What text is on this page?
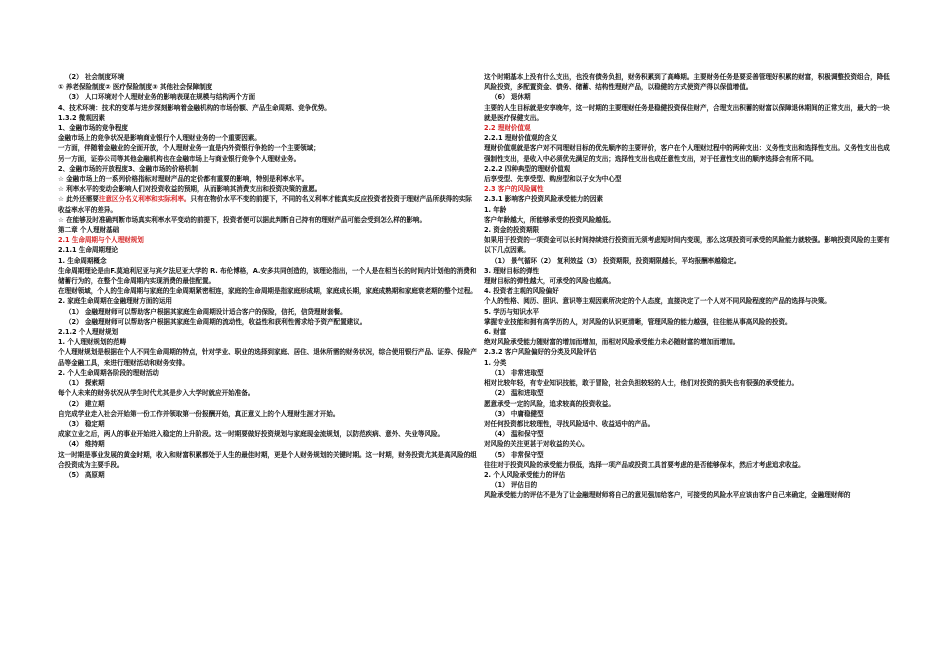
（2） 社会制度环境
① 养老保险制度② 医疗保险制度③ 其他社会保障制度
（3） 人口环境对个人理财业务的影响表现在规模与结构两个方面
4、技术环境：技术的变革与进步深刻影响着金融机构的市场份额、产品生命周期、竞争优势。
1.3.2 微观因素
1、金融市场的竞争程度
金融市场上的竞争状况是影响商业银行个人理财业务的一个重要因素。
一方面，伴随着金融业的全面开放，个人理财业务一直是内外资银行争抢的一个主要领域；
另一方面，证券公司等其他金融机构也在金融市场上与商业银行竞争个人理财业务。
2、金融市场的开放程度3、金融市场的价格机制
☆ 金融市场上的一系列价格指标对理财产品的定价都有重要的影响，特别是利率水平。
☆ 利率水平的变动会影响人们对投资收益的预期，从而影响其消费支出和投资决策的意愿。
☆ 此外还需要注意区分名义利率和实际利率。只有在物价水平不变的前提下，不同的名义利率才能真实反应投资者投资于理财产品所获得的实际收益率水平的差异。
☆ 在能够及时准确判断市场真实利率水平变动的前提下，投资者便可以据此判断自己持有的理财产品可能会受到怎么样的影响。
第二章 个人理财基础
2.1 生命周期与个人理财规划
2.1.1 生命周期理论
1. 生命周期概念
生命周期理论是由F.莫迪利尼亚与宾夕法尼亚大学的 R. 布伦博格，A.安多共同创造的，该理论指出，一个人是在相当长的时间内计划他的消费和储蓄行为的，在整个生命周期内实现消费的最佳配置。
在理财领域，个人的生命周期与家庭的生命周期紧密相连，家庭的生命周期是指家庭形成期，家庭成长期，家庭成熟期和家庭衰老期的整个过程。
2. 家庭生命周期在金融理财方面的运用
（1） 金融理财师可以帮助客户根据其家庭生命周期设计适合客户的保险，信托，信贷理财套餐。
（2） 金融理财师可以帮助客户根据其家庭生命周期的流动性，收益性和获利性需求给予资产配置建议。
2.1.2 个人理财规划
1. 个人理财规划的范畴
个人理财规划是根据在个人不同生命周期的特点，针对学业、职业的选择到家庭、居住、退休所需的财务状况，综合使用银行产品、证券、保险产品等金融工具，来进行理财活动和财务安排。
2. 个人生命周期各阶段的理财活动
（1） 探索期
每个人未来的财务状况从学生时代尤其是步入大学时就应开始准备。
（2） 建立期
自完成学业走入社会开始第一份工作并领取第一份报酬开始，真正意义上的个人理财生涯才开始。
（3） 稳定期
成家立业之后，两人的事业开始进入稳定的上升阶段。这一时期要做好投资规划与家庭现金流规划，以防范疾病、意外、失业等风险。
（4） 维持期
这一时期是事业发展的黄金时期，收入和财富积累都处于人生的最佳时期，更是个人财务规划的关键时期。这一时期，财务投资尤其是高风险的组合投资成为主要手段。
（5） 高原期
这个时期基本上没有什么支出，也没有债务负担，财务积累到了高峰期。主要财务任务是要妥善管理好积累的财富，积极调整投资组合，降低风险投资，多配置资金、债务、储蓄、结构性理财产品，以稳健的方式使资产得以保值增值。
（6） 退休期
主要的人生目标就是安享晚年，这一时期的主要理财任务是稳健投资保住财产，合理支出积蓄的财富以保障退休期间的正常支出，最大的一块就是医疗保健支出。
2.2 理财价值观
2.2.1 理财价值观的含义
理财价值观就是客户对不同理财目标的优先顺序的主要评价，客户在个人理财过程中的两种支出：义务性支出和选择性支出。义务性支出也成强制性支出，是收入中必须优先满足的支出；选择性支出也成任意性支出，对于任意性支出的顺序选择会有所不同。
2.2.2 四种典型的理财价值观
后享受型、先享受型、购房型和以子女为中心型
2.3 客户的风险属性
2.3.1 影响客户投资风险承受能力的因素
1. 年龄
客户年龄越大，所能够承受的投资风险越低。
2. 资金的投资期限
如果用于投资的一项资金可以长时间持续进行投资而无须考虑短时间内变现，那么这项投资可承受的风险能力就较强。影响投资风险的主要有以下几点因素。
（1） 景气循环（2） 复利效益（3） 投资期限，投资期限越长，平均报酬率越稳定。
3. 理财目标的弹性
理财目标的弹性越大，可承受的风险也越高。
4. 投资者主观的风险偏好
个人的性格、阅历、胆识、意识等主观因素所决定的个人态度，直接决定了一个人对不同风险程度的产品的选择与决策。
5. 学历与知识水平
掌握专业技能和拥有高学历的人，对风险的认识更清晰，管理风险的能力越强，往往能从事高风险的投资。
6. 财富
绝对风险承受能力随财富的增加而增加，而相对风险承受能力未必随财富的增加而增加。
2.3.2 客户风险偏好的分类及风险评估
1. 分类
（1） 非常进取型
相对比较年轻，有专业知识技能，敢于冒险，社会负担较轻的人士，他们对投资的损失也有很强的承受能力。
（2） 温和进取型
愿意承受一定的风险，追求较高的投资收益。
（3） 中庸稳健型
对任何投资都比较理性，寻找风险适中、收益适中的产品。
（4） 温和保守型
对风险的关注更甚于对收益的关心。
（5） 非常保守型
往往对于投资风险的承受能力很低，选择一项产品或投资工具首要考虑的是否能够保本，然后才考虑追求收益。
2. 个人风险承受能力的评估
（1） 评估目的
风险承受能力的评估不是为了让金融理财师将自己的意见强加给客户，可接受的风险水平应该由客户自己来确定，金融理财师的
